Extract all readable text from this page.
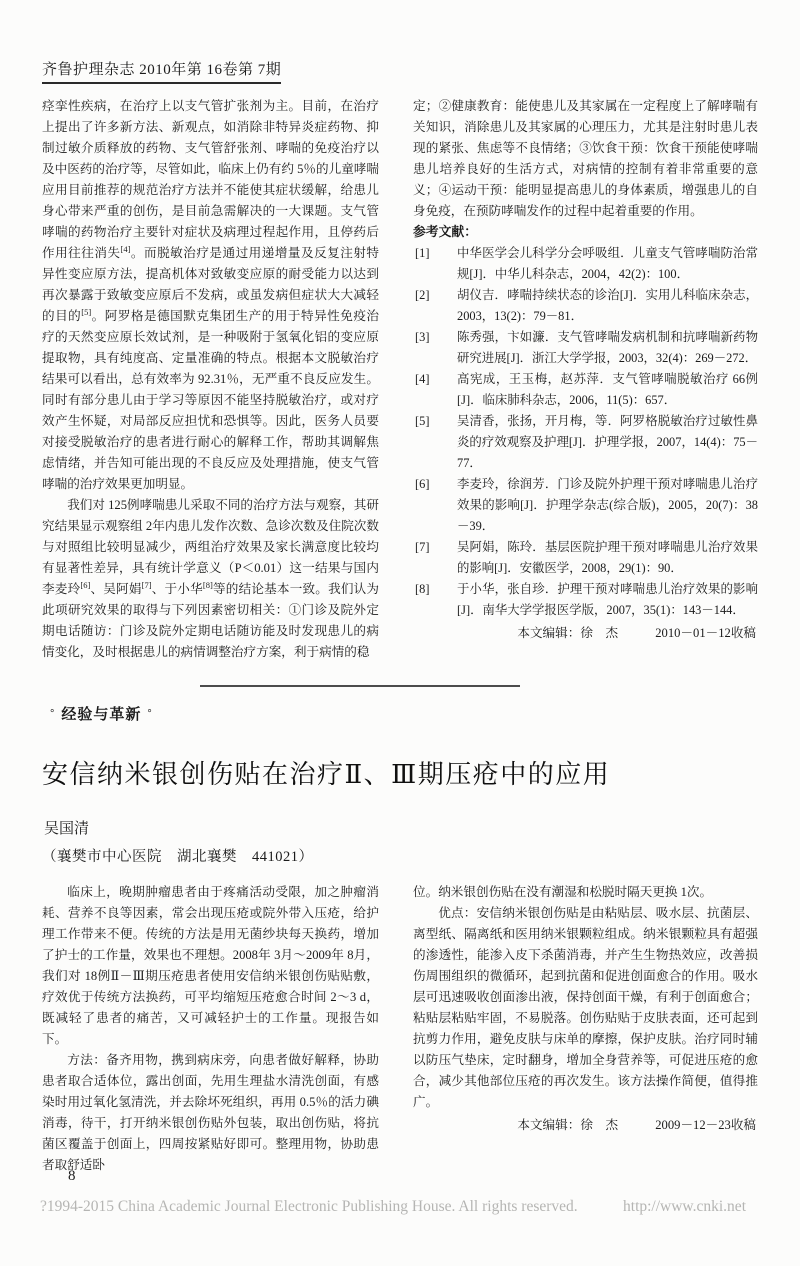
齐鲁护理杂志 2010年第 16卷第 7期

痉挛性疾病，在治疗上以支气管扩张剂为主。目前，在治疗上提出了许多新方法、新观点，如消除非特异炎症药物、抑制过敏介质释放的药物、支气管舒张剂、哮喘的免疫治疗以及中医药的治疗等，尽管如此，临床上仍有约 5％的儿童哮喘应用目前推荐的规范治疗方法并不能使其症状缓解，给患儿身心带来严重的创伤，是目前急需解决的一大课题。支气管哮喘的药物治疗主要针对症状及病理过程起作用，且停药后作用往往消失[4]。而脱敏治疗是通过用递增量及反复注射特异性变应原方法，提高机体对致敏变应原的耐受能力以达到再次暴露于致敏变应原后不发病，或虽发病但症状大大减轻的目的[5]。阿罗格是德国默克集团生产的用于特异性免疫治疗的天然变应原长效试剂，是一种吸附于氢氧化铝的变应原提取物，具有纯度高、定量准确的特点。根据本文脱敏治疗结果可以看出，总有效率为 92.31％，无严重不良反应发生。同时有部分患儿由于学习等原因不能坚持脱敏治疗，或对疗效产生怀疑，对局部反应担忧和恐惧等。因此，医务人员要对接受脱敏治疗的患者进行耐心的解释工作，帮助其调解焦虑情绪，并告知可能出现的不良反应及处理措施，使支气管哮喘的治疗效果更加明显。

我们对 125例哮喘患儿采取不同的治疗方法与观察，其研究结果显示观察组 2年内患儿发作次数、急诊次数及住院次数与对照组比较明显减少，两组治疗效果及家长满意度比较均有显著性差异，具有统计学意义（P＜0.01）这一结果与国内李麦玲[6]、吴阿娟[7]、于小华[8]等的结论基本一致。我们认为此项研究效果的取得与下列因素密切相关：①门诊及院外定期电话随访：门诊及院外定期电话随访能及时发现患儿的病情变化，及时根据患儿的病情调整治疗方案，利于病情的稳

定；②健康教育：能使患儿及其家属在一定程度上了解哮喘有关知识，消除患儿及其家属的心理压力，尤其是注射时患儿表现的紧张、焦虑等不良情绪；③饮食干预：饮食干预能使哮喘患儿培养良好的生活方式，对病情的控制有着非常重要的意义；④运动干预：能明显提高患儿的身体素质，增强患儿的自身免疫，在预防哮喘发作的过程中起着重要的作用。

参考文献：

[1] 中华医学会儿科学分会呼吸组．儿童支气管哮喘防治常规[J]．中华儿科杂志，2004，42(2)：100．
[2] 胡仪吉．哮喘持续状态的诊治[J]．实用儿科临床杂志，2003，13(2)：79－81．
[3] 陈秀强，卞如濂．支气管哮喘发病机制和抗哮喘新药物研究进展[J]．浙江大学学报，2003，32(4)：269－272．
[4] 高宪成，王玉梅，赵苏萍．支气管哮喘脱敏治疗 66例[J]．临床肺科杂志，2006，11(5)：657．
[5] 吴清香，张扬，开月梅，等．阿罗格脱敏治疗过敏性鼻炎的疗效观察及护理[J]．护理学报，2007，14(4)：75－77．
[6] 李麦玲，徐润芳．门诊及院外护理干预对哮喘患儿治疗效果的影响[J]．护理学杂志(综合版)，2005，20(7)：38－39．
[7] 吴阿娟，陈玲．基层医院护理干预对哮喘患儿治疗效果的影响[J]．安徽医学，2008，29(1)：90．
[8] 于小华，张自珍．护理干预对哮喘患儿治疗效果的影响[J]．南华大学学报医学版，2007，35(1)：143－144．
本文编辑：徐　杰	2010－01－12收稿
° 经验与革新 °
安信纳米银创伤贴在治疗Ⅱ、Ⅲ期压疮中的应用
吴国清
（襄樊市中心医院　湖北襄樊　441021）

临床上，晚期肿瘤患者由于疼痛活动受限，加之肿瘤消耗、营养不良等因素，常会出现压疮或院外带入压疮，给护理工作带来不便。传统的方法是用无菌纱块每天换药，增加了护士的工作量，效果也不理想。2008年 3月～2009年 8月，我们对 18例Ⅱ－Ⅲ期压疮患者使用安信纳米银创伤贴贴敷，疗效优于传统方法换药，可平均缩短压疮愈合时间 2～3 d，既减轻了患者的痛苦，又可减轻护士的工作量。现报告如下。

方法：备齐用物，携到病床旁，向患者做好解释，协助患者取合适体位，露出创面，先用生理盐水清洗创面，有感染时用过氧化氢清洗，并去除坏死组织，再用 0.5％的活力碘消毒，待干，打开纳米银创伤贴外包装，取出创伤贴，将抗菌区覆盖于创面上，四周按紧贴好即可。整理用物，协助患者取舒适卧

位。纳米银创伤贴在没有潮湿和松脱时隔天更换 1次。

优点：安信纳米银创伤贴是由粘贴层、吸水层、抗菌层、离型纸、隔离纸和医用纳米银颗粒组成。纳米银颗粒具有超强的渗透性，能渗入皮下杀菌消毒，并产生生物热效应，改善损伤周围组织的微循环，起到抗菌和促进创面愈合的作用。吸水层可迅速吸收创面渗出液，保持创面干燥，有利于创面愈合；粘贴层粘贴牢固，不易脱落。创伤贴贴于皮肤表面，还可起到抗剪力作用，避免皮肤与床单的摩擦，保护皮肤。治疗同时辅以防压气垫床，定时翻身，增加全身营养等，可促进压疮的愈合，减少其他部位压疮的再次发生。该方法操作简便，值得推广。

本文编辑：徐　杰	2009－12－23收稿
8
?1994-2015 China Academic Journal Electronic Publishing House. All rights reserved.	http://www.cnki.net
